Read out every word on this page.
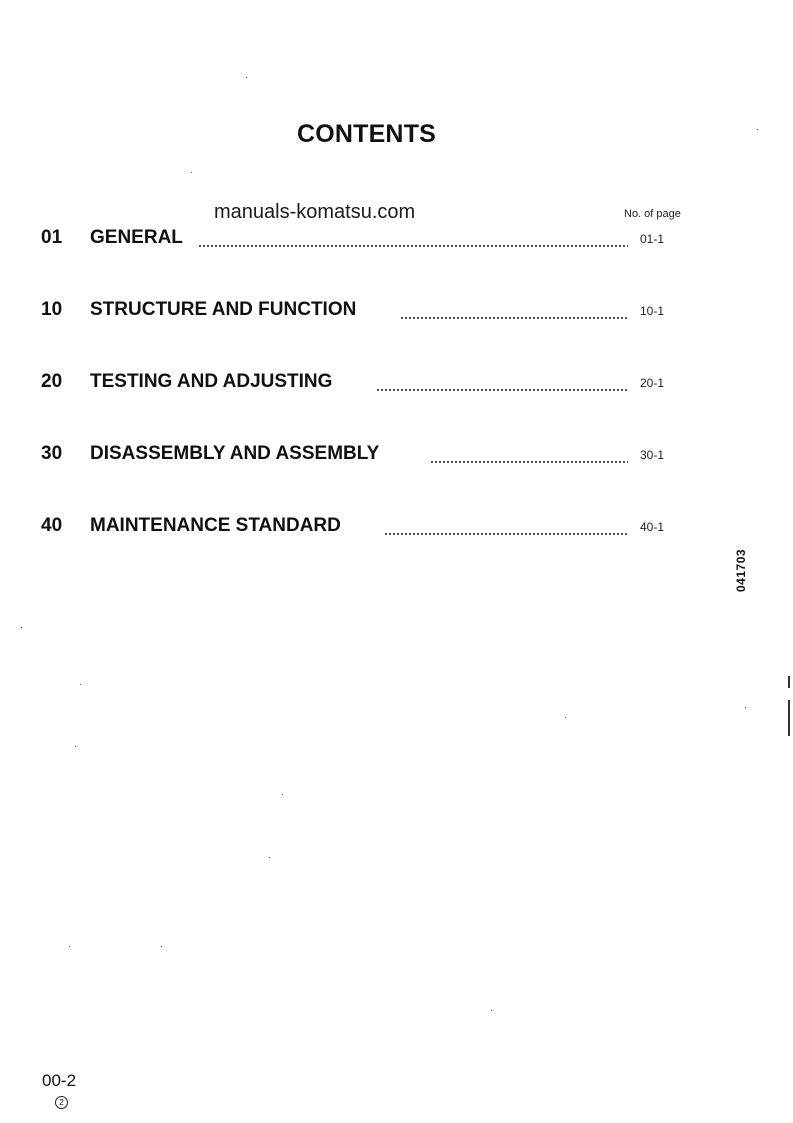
CONTENTS
manuals-komatsu.com	No. of page
01 GENERAL	01-1
10 STRUCTURE AND FUNCTION	10-1
20 TESTING AND ADJUSTING	20-1
30 DISASSEMBLY AND ASSEMBLY	30-1
40 MAINTENANCE STANDARD	40-1
041703
00-2
2
